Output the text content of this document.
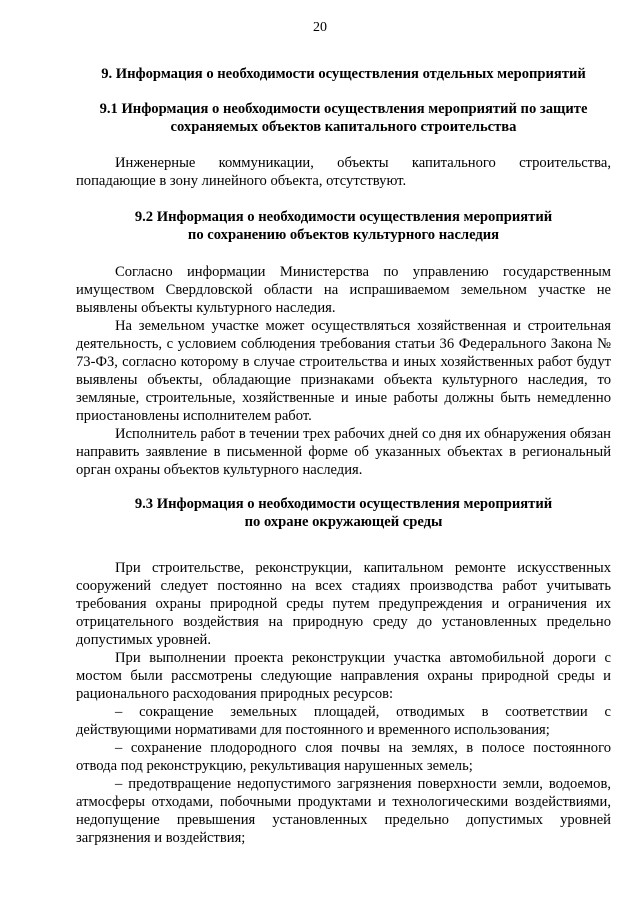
20

9. Информация о необходимости осуществления отдельных мероприятий

9.1 Информация о необходимости осуществления мероприятий по защите сохраняемых объектов капитального строительства

Инженерные коммуникации, объекты капитального строительства, попадающие в зону линейного объекта, отсутствуют.

9.2 Информация о необходимости осуществления мероприятий
по сохранению объектов культурного наследия

Согласно информации Министерства по управлению государственным имуществом Свердловской области на испрашиваемом земельном участке не выявлены объекты культурного наследия.

На земельном участке может осуществляться хозяйственная и строительная деятельность, с условием соблюдения требования статьи 36 Федерального Закона № 73-ФЗ, согласно которому в случае строительства и иных хозяйственных работ будут выявлены объекты, обладающие признаками объекта культурного наследия, то земляные, строительные, хозяйственные и иные работы должны быть немедленно приостановлены исполнителем работ.

Исполнитель работ в течении трех рабочих дней со дня их обнаружения обязан направить заявление в письменной форме об указанных объектах в региональный орган охраны объектов культурного наследия.

9.3 Информация о необходимости осуществления мероприятий
по охране окружающей среды

При строительстве, реконструкции, капитальном ремонте искусственных сооружений следует постоянно на всех стадиях производства работ учитывать требования охраны природной среды путем предупреждения и ограничения их отрицательного воздействия на природную среду до установленных предельно допустимых уровней.

При выполнении проекта реконструкции участка автомобильной дороги с мостом были рассмотрены следующие направления охраны природной среды и рационального расходования природных ресурсов:

– сокращение земельных площадей, отводимых в соответствии с действующими нормативами для постоянного и временного использования;

– сохранение плодородного слоя почвы на землях, в полосе постоянного отвода под реконструкцию, рекультивация нарушенных земель;

– предотвращение недопустимого загрязнения поверхности земли, водоемов, атмосферы отходами, побочными продуктами и технологическими воздействиями, недопущение превышения установленных предельно допустимых уровней загрязнения и воздействия;
